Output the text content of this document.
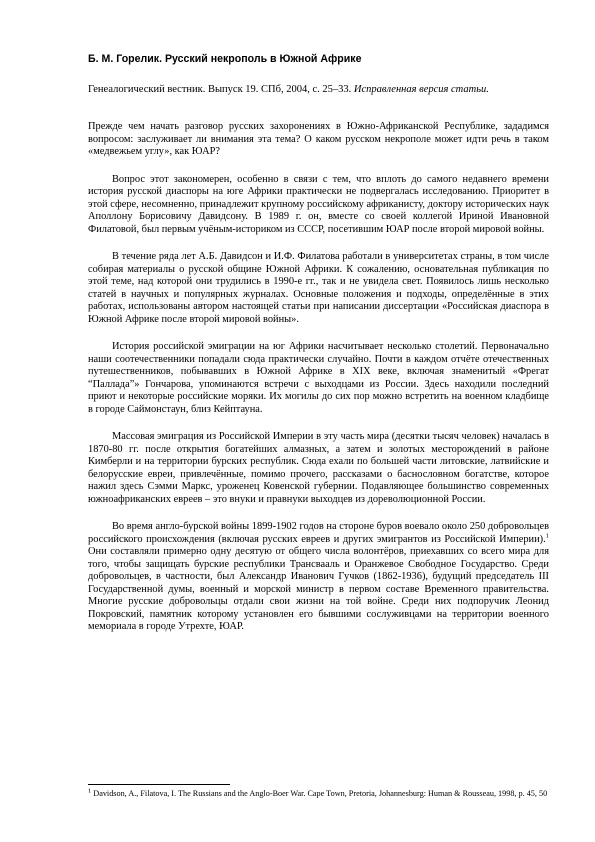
Б. М. Горелик. Русский некрополь в Южной Африке
Генеалогический вестник. Выпуск 19. СПб, 2004, с. 25–33. Исправленная версия статьи.

Прежде чем начать разговор русских захоронениях в Южно-Африканской Республике, зададимся вопросом: заслуживает ли внимания эта тема? О каком русском некрополе может идти речь в таком «медвежьем углу», как ЮАР?

Вопрос этот закономерен, особенно в связи с тем, что вплоть до самого недавнего времени история русской диаспоры на юге Африки практически не подвергалась исследованию. Приоритет в этой сфере, несомненно, принадлежит крупному российскому африканисту, доктору исторических наук Аполлону Борисовичу Давидсону. В 1989 г. он, вместе со своей коллегой Ириной Ивановной Филатовой, был первым учёным-историком из СССР, посетившим ЮАР после второй мировой войны.

В течение ряда лет А.Б. Давидсон и И.Ф. Филатова работали в университетах страны, в том числе собирая материалы о русской общине Южной Африки. К сожалению, основательная публикация по этой теме, над которой они трудились в 1990-е гг., так и не увидела свет. Появилось лишь несколько статей в научных и популярных журналах. Основные положения и подходы, определённые в этих работах, использованы автором настоящей статьи при написании диссертации «Российская диаспора в Южной Африке после второй мировой войны».

История российской эмиграции на юг Африки насчитывает несколько столетий. Первоначально наши соотечественники попадали сюда практически случайно. Почти в каждом отчёте отечественных путешественников, побывавших в Южной Африке в XIX веке, включая знаменитый «Фрегат “Паллада”» Гончарова, упоминаются встречи с выходцами из России. Здесь находили последний приют и некоторые российские моряки. Их могилы до сих пор можно встретить на военном кладбище в городе Саймонстаун, близ Кейптауна.

Массовая эмиграция из Российской Империи в эту часть мира (десятки тысяч человек) началась в 1870-80 гг. после открытия богатейших алмазных, а затем и золотых месторождений в районе Кимберли и на территории бурских республик. Сюда ехали по большей части литовские, латвийские и белорусские евреи, привлечённые, помимо прочего, рассказами о баснословном богатстве, которое нажил здесь Сэмми Маркс, уроженец Ковенской губернии. Подавляющее большинство современных южноафриканских евреев – это внуки и правнуки выходцев из дореволюционной России.

Во время англо-бурской войны 1899-1902 годов на стороне буров воевало около 250 добровольцев российского происхождения (включая русских евреев и других эмигрантов из Российской Империи).$^1$ Они составляли примерно одну десятую от общего числа волонтёров, приехавших со всего мира для того, чтобы защищать бурские республики Трансвааль и Оранжевое Свободное Государство. Среди добровольцев, в частности, был Александр Иванович Гучков (1862-1936), будущий председатель III Государственной думы, военный и морской министр в первом составе Временного правительства. Многие русские добровольцы отдали свои жизни на той войне. Среди них подпоручик Леонид Покровский, памятник которому установлен его бывшими сослуживцами на территории военного мемориала в городе Утрехте, ЮАР.

$^1$ Davidson, A., Filatova, I. The Russians and the Anglo-Boer War. Cape Town, Pretoria, Johannesburg: Human & Rousseau, 1998, p. 45, 50
